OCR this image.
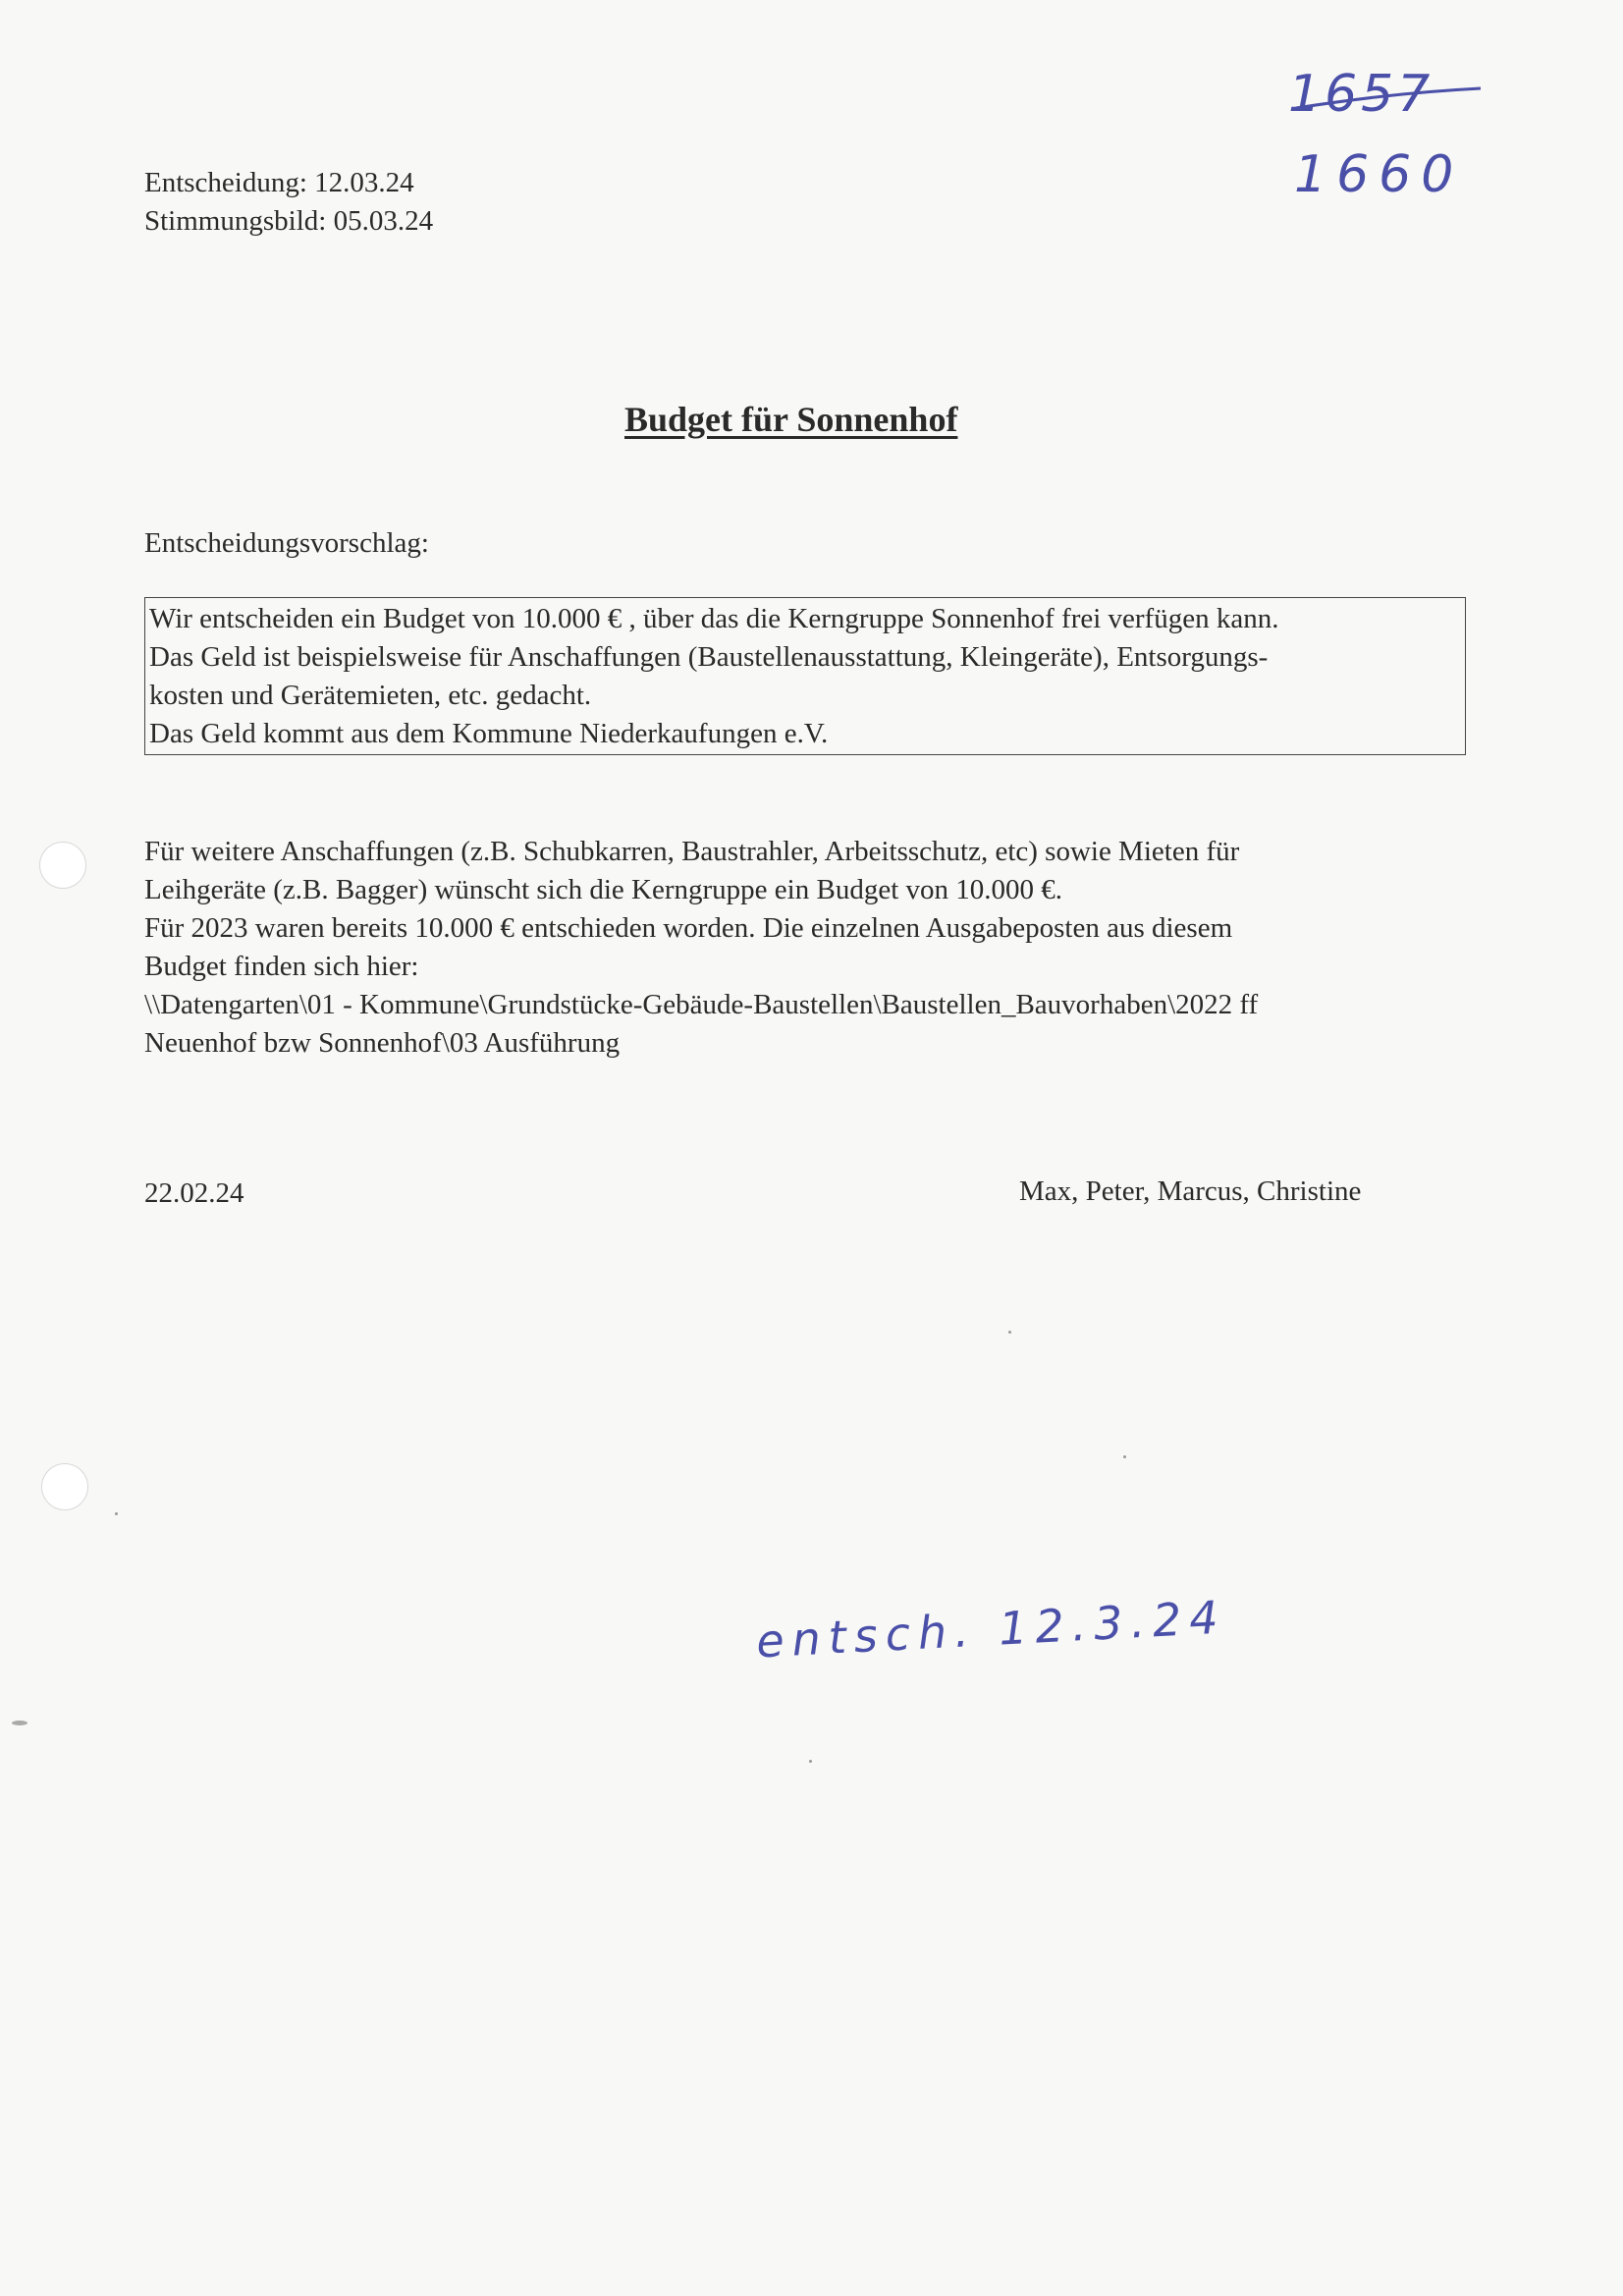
Entscheidung: 12.03.24
Stimmungsbild: 05.03.24
1657
1660
Budget für Sonnenhof
Entscheidungsvorschlag:
Wir entscheiden ein Budget von 10.000 € , über das die Kerngruppe Sonnenhof frei verfügen kann.
Das Geld ist beispielsweise für Anschaffungen (Baustellenausstattung, Kleingeräte), Entsorgungs-
kosten und Gerätemieten, etc. gedacht.
Das Geld kommt aus dem Kommune Niederkaufungen e.V.
Für weitere Anschaffungen (z.B. Schubkarren, Baustrahler, Arbeitsschutz, etc) sowie Mieten für
Leihgeräte (z.B. Bagger) wünscht sich die Kerngruppe ein Budget von 10.000 €.
Für 2023 waren bereits 10.000 € entschieden worden. Die einzelnen Ausgabeposten aus diesem
Budget finden sich hier:
\\Datengarten\01 - Kommune\Grundstücke-Gebäude-Baustellen\Baustellen_Bauvorhaben\2022 ff
Neuenhof bzw Sonnenhof\03 Ausführung
22.02.24	Max, Peter, Marcus, Christine
entsch. 12.3.24
